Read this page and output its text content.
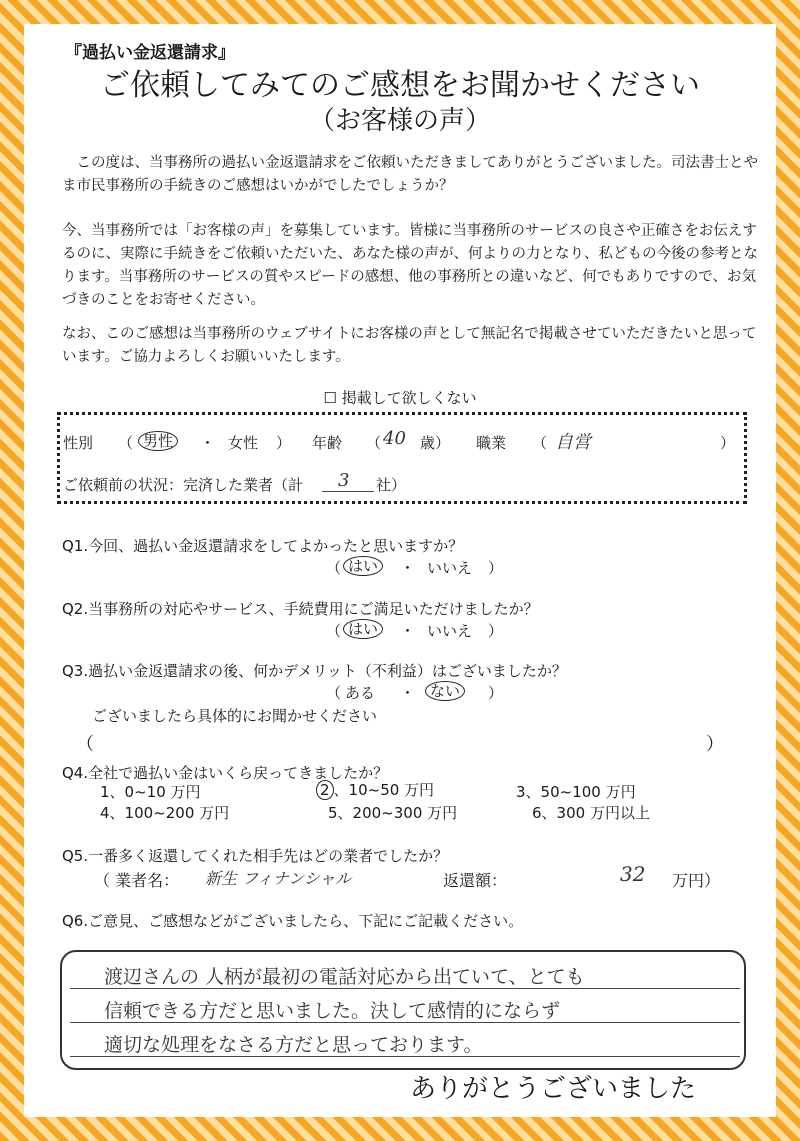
『過払い金返還請求』
ご依頼してみてのご感想をお聞かせください
（お客様の声）
　この度は、当事務所の過払い金返還請求をご依頼いただきましてありがとうございました。司法書士とやま市民事務所の手続きのご感想はいかがでしたでしょうか？
今、当事務所では「お客様の声」を募集しています。皆様に当事務所のサービスの良さや正確さをお伝えするのに、実際に手続きをご依頼いただいた、あなた様の声が、何よりの力となり、私どもの今後の参考となります。当事務所のサービスの質やスピードの感想、他の事務所との違いなど、何でもありですので、お気づきのことをお寄せください。
なお、このご感想は当事務所のウェブサイトにお客様の声として無記名で掲載させていただきたいと思っています。ご協力よろしくお願いいたします。
☐ 掲載して欲しくない
性別 （ 男性	・ 女性 ） 年齢 （ 40 歳） 職業 （ 自営	）
ご依頼前の状況：完済した業者（計 3 社）
Q1.今回、過払い金返還請求をしてよかったと思いますか？
（ はい	・ いいえ ）
Q2.当事務所の対応やサービス、手続費用にご満足いただけましたか？
（ はい	・ いいえ ）
Q3.過払い金返還請求の後、何かデメリット（不利益）はございましたか？
（ ある ・ ない	）
ございましたら具体的にお聞かせください
（	）
Q4.全社で過払い金はいくら戻ってきましたか？
1、0~10 万円	2 、10~50 万円	3、50~100 万円
4、100~200 万円	5、200~300 万円	6、300 万円以上
Q5.一番多く返還してくれた相手先はどの業者でしたか？
（ 業者名： 新生 フィナンシャル	返還額：	32 万円）
Q6.ご意見、ご感想などがございましたら、下記にご記載ください。
渡辺さんの 人柄が最初の電話対応から出ていて、とても
信頼できる方だと思いました。決して感情的にならず
適切な処理をなさる方だと思っております。
ありがとうございました
